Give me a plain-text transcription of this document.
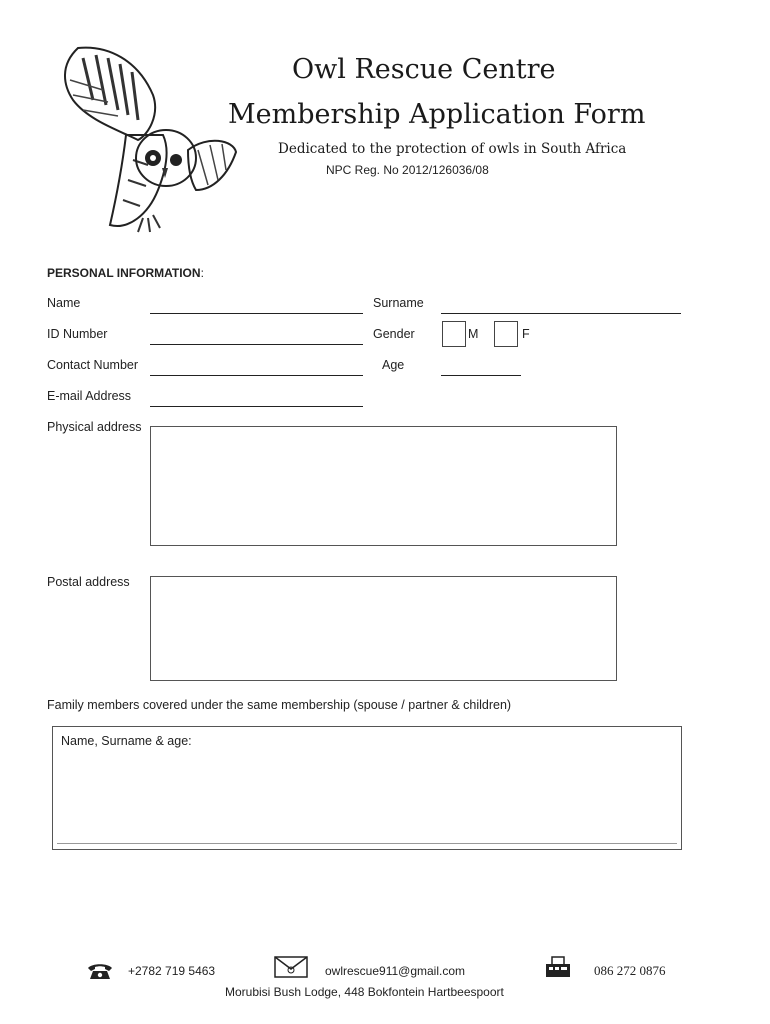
Owl Rescue Centre
Membership Application Form
Dedicated to the protection of owls in South Africa
NPC Reg. No 2012/126036/08
PERSONAL INFORMATION:
Name	Surname
ID Number	Gender	M	F
Contact Number	Age
E-mail Address
Physical address
Postal address
Family members covered under the same membership (spouse / partner & children)
Name, Surname & age:
+2782 719 5463	owlrescue911@gmail.com	086 272 0876
Morubisi Bush Lodge, 448 Bokfontein Hartbeespoort
